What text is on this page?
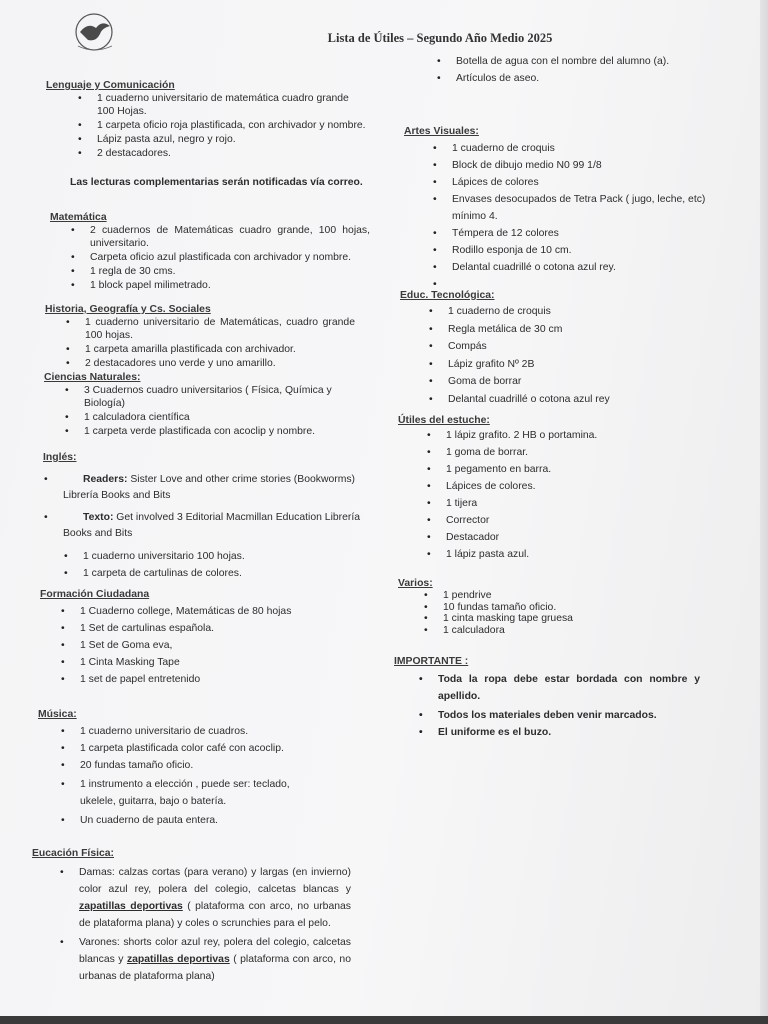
Lista de Útiles – Segundo Año Medio 2025
Lenguaje y Comunicación
• 1 cuaderno universitario de matemática cuadro grande 100 Hojas.
• 1 carpeta oficio roja plastificada, con archivador y nombre.
• Lápiz pasta azul, negro y rojo.
• 2 destacadores.
Las lecturas complementarias serán notificadas vía correo.
Matemática
• 2 cuadernos de Matemáticas cuadro grande, 100 hojas, universitario.
• Carpeta oficio azul plastificada con archivador y nombre.
• 1 regla de 30 cms.
• 1 block papel milimetrado.
Historia, Geografía y Cs. Sociales
• 1 cuaderno universitario de Matemáticas, cuadro grande 100 hojas.
• 1 carpeta amarilla plastificada con archivador.
• 2 destacadores uno verde y uno amarillo.
Ciencias Naturales:
• 3 Cuadernos cuadro universitarios ( Física, Química y Biología)
• 1 calculadora científica
• 1 carpeta verde plastificada con acoclip y nombre.
Inglés:
• Readers: Sister Love and other crime stories (Bookworms) Librería Books and Bits
• Texto: Get involved 3 Editorial Macmillan Education Librería Books and Bits
• 1 cuaderno universitario 100 hojas.
• 1 carpeta de cartulinas de colores.
Formación Ciudadana
• 1 Cuaderno college, Matemáticas de 80 hojas
• 1 Set de cartulinas española.
• 1 Set de Goma eva,
• 1 Cinta Masking Tape
• 1 set de papel entretenido
Música:
• 1 cuaderno universitario de cuadros.
• 1 carpeta plastificada color café con acoclip.
• 20 fundas tamaño oficio.
• 1 instrumento a elección , puede ser: teclado, ukelele, guitarra, bajo o batería.
• Un cuaderno de pauta entera.
Eucación Física:
• Damas: calzas cortas (para verano) y largas (en invierno) color azul rey, polera del colegio, calcetas blancas y zapatillas deportivas ( plataforma con arco, no urbanas de plataforma plana) y coles o scrunchies para el pelo.
• Varones: shorts color azul rey, polera del colegio, calcetas blancas y zapatillas deportivas ( plataforma con arco, no urbanas de plataforma plana)
• Botella de agua con el nombre del alumno (a).
• Artículos de aseo.
Artes Visuales:
• 1 cuaderno de croquis
• Block de dibujo medio N0 99 1/8
• Lápices de colores
• Envases desocupados de Tetra Pack ( jugo, leche, etc) mínimo 4.
• Témpera de 12 colores
• Rodillo esponja de 10 cm.
• Delantal cuadrillé o cotona azul rey.
•
Educ. Tecnológica:
• 1 cuaderno de croquis
• Regla metálica de 30 cm
• Compás
• Lápiz grafito Nº 2B
• Goma de borrar
• Delantal cuadrillé o cotona azul rey
Útiles del estuche:
• 1 lápiz grafito. 2 HB o portamina.
• 1 goma de borrar.
• 1 pegamento en barra.
• Lápices de colores.
• 1 tijera
• Corrector
• Destacador
• 1 lápiz pasta azul.
Varios:
• 1 pendrive
• 10 fundas tamaño oficio.
• 1 cinta masking tape gruesa
• 1 calculadora
IMPORTANTE :
• Toda la ropa debe estar bordada con nombre y apellido.
• Todos los materiales deben venir marcados.
• El uniforme es el buzo.
